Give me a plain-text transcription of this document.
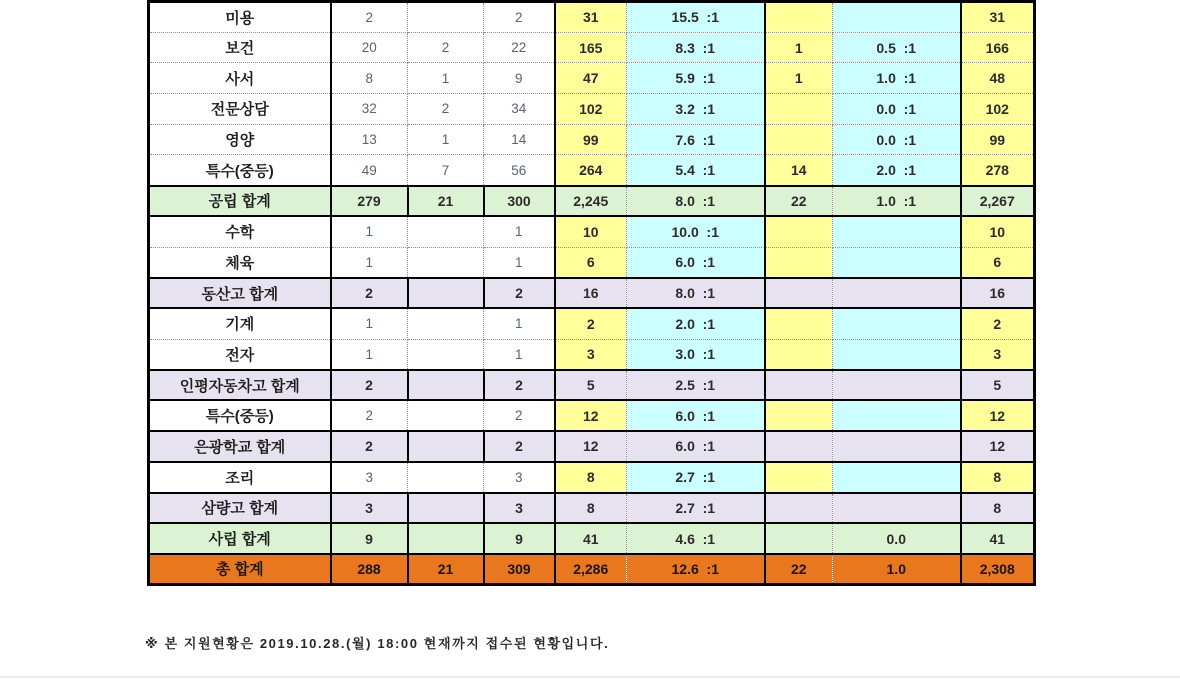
미용	2		2	31	15.5  :1			31
보건	20	2	22	165	8.3  :1	1	0.5  :1	166
사서	8	1	9	47	5.9  :1	1	1.0  :1	48
전문상담	32	2	34	102	3.2  :1		0.0  :1	102
영양	13	1	14	99	7.6  :1		0.0  :1	99
특수(중등)	49	7	56	264	5.4  :1	14	2.0  :1	278
공립 합계	279	21	300	2,245	8.0  :1	22	1.0  :1	2,267
수학	1		1	10	10.0  :1			10
체육	1		1	6	6.0  :1			6
동산고 합계	2		2	16	8.0  :1			16
기계	1		1	2	2.0  :1			2
전자	1		1	3	3.0  :1			3
인평자동차고 합계	2		2	5	2.5  :1			5
특수(중등)	2		2	12	6.0  :1			12
은광학교 합계	2		2	12	6.0  :1			12
조리	3		3	8	2.7  :1			8
삼량고 합계	3		3	8	2.7  :1			8
사립 합계	9		9	41	4.6  :1		0.0	41
총 합계	288	21	309	2,286	12.6  :1	22	1.0	2,308
※ 본 지원현황은 2019.10.28.(월) 18:00 현재까지 접수된 현황입니다.
